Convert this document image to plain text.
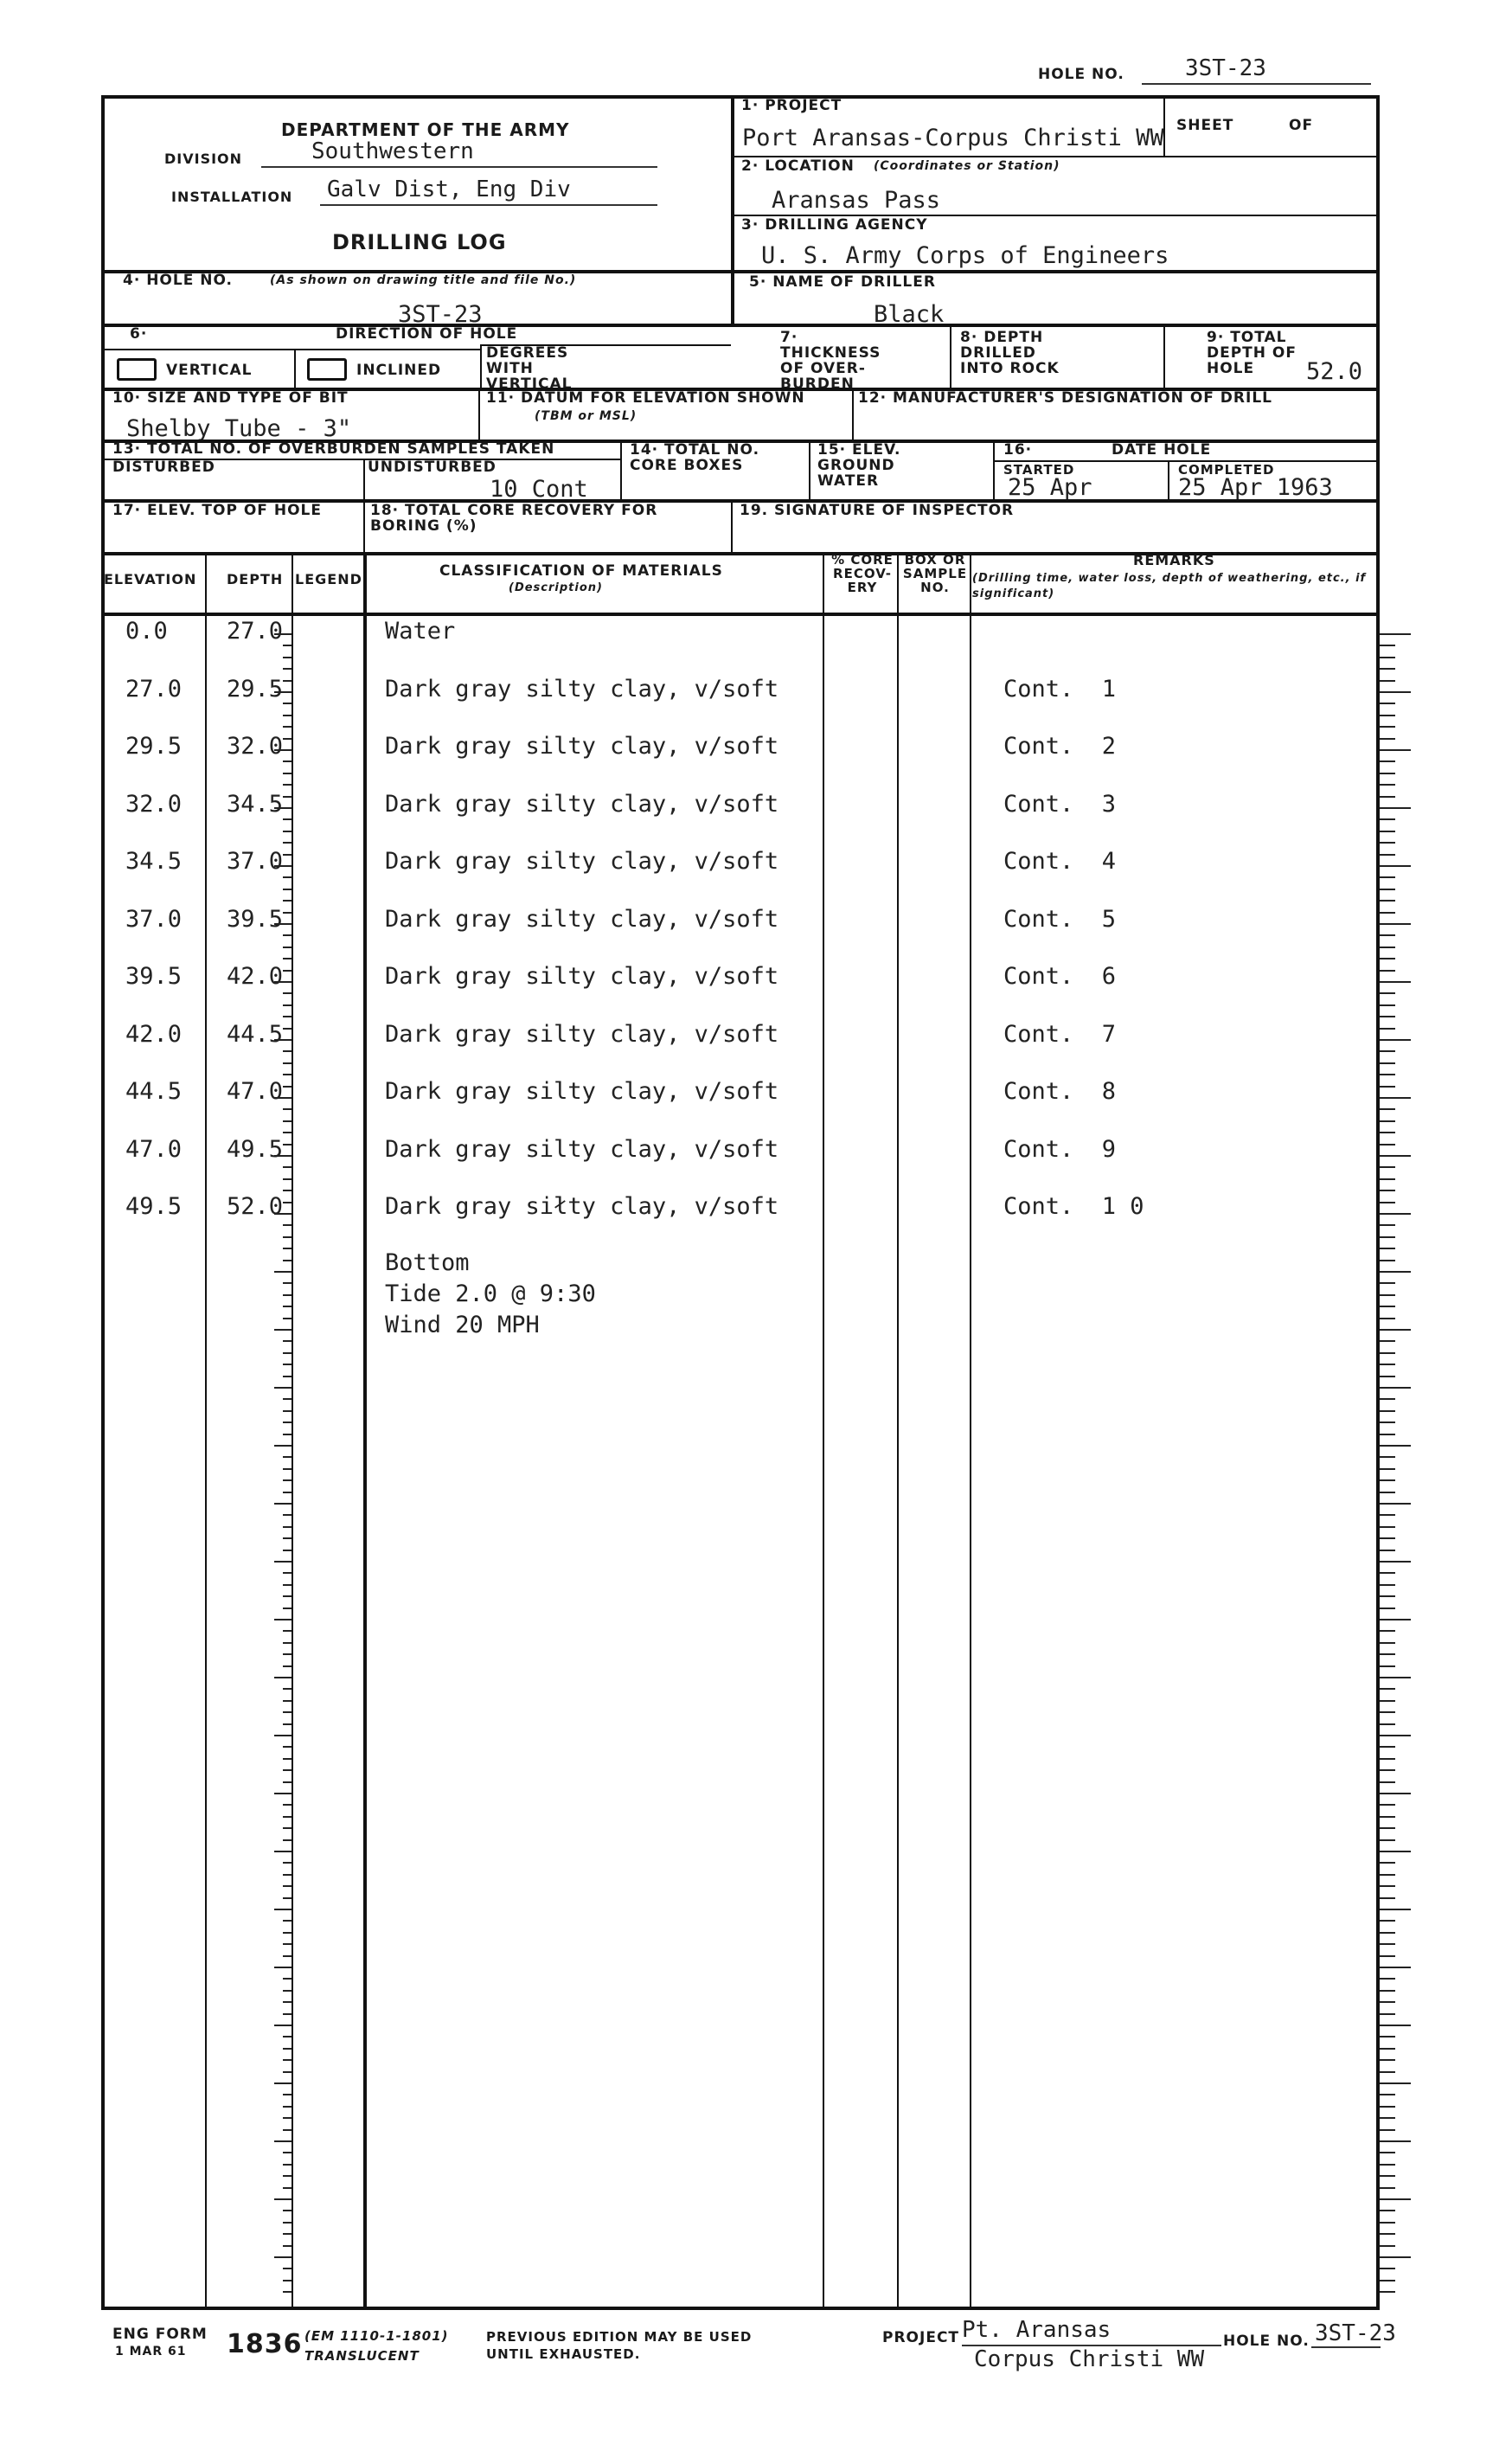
HOLE NO.	3ST-23
DEPARTMENT OF THE ARMY
DIVISION	Southwestern
INSTALLATION Galv Dist, Eng Div
DRILLING LOG
1· PROJECT
Port Aransas-Corpus Christi WW SHEET	OF
2· LOCATION (Coordinates or Station)
Aransas Pass
3· DRILLING AGENCY
U. S. Army Corps of Engineers
4· HOLE NO.	(As shown on drawing title and file No.)
3ST-23
5· NAME OF DRILLER
Black
6·	DIRECTION OF HOLE
VERTICAL	INCLINED
DEGREES WITH VERTICAL
7· THICKNESS OF OVER- BURDEN
8· DEPTH DRILLED INTO ROCK
9· TOTAL DEPTH OF HOLE	52.0
10· SIZE AND TYPE OF BIT
Shelby Tube - 3"
11· DATUM FOR ELEVATION SHOWN
(TBM or MSL)
12· MANUFACTURER'S DESIGNATION OF DRILL
13· TOTAL NO. OF OVERBURDEN SAMPLES TAKEN
DISTURBED	UNDISTURBED
10 Cont
14· TOTAL NO. CORE BOXES
15· ELEV. GROUND WATER
16·	DATE HOLE
STARTED
25 Apr
COMPLETED
25 Apr 1963
17· ELEV. TOP OF HOLE	18· TOTAL CORE RECOVERY FOR BORING (%)
19. SIGNATURE OF INSPECTOR
ELEVATION DEPTH LEGEND	CLASSIFICATION OF MATERIALS
(Description)
% CORE RECOV- ERY
BOX OR SAMPLE NO.
REMARKS
(Drilling time, water loss, depth of weathering, etc., if significant)
0.0	27.0	Water
27.0 29.5	Dark gray silty clay, v/soft	Cont.  1
29.5 32.0	Dark gray silty clay, v/soft	Cont.  2
32.0 34.5	Dark gray silty clay, v/soft	Cont.  3
34.5 37.0	Dark gray silty clay, v/soft	Cont.  4
37.0 39.5	Dark gray silty clay, v/soft	Cont.  5
39.5 42.0	Dark gray silty clay, v/soft	Cont.  6
42.0 44.5	Dark gray silty clay, v/soft	Cont.  7
44.5 47.0	Dark gray silty clay, v/soft	Cont.  8
47.0 49.5	Dark gray silty clay, v/soft	Cont.  9
49.5 52.0	Dark gray siłty clay, v/soft	Cont.  1 0
Bottom
Tide 2.0 @ 9:30
Wind 20 MPH
ENG FORM
1 MAR 61 1836 (EM 1110-1-1801)
TRANSLUCENT
PREVIOUS EDITION MAY BE USED
UNTIL EXHAUSTED.
PROJECT Pt. Aransas
Corpus Christi WW
HOLE NO. 3ST-23
